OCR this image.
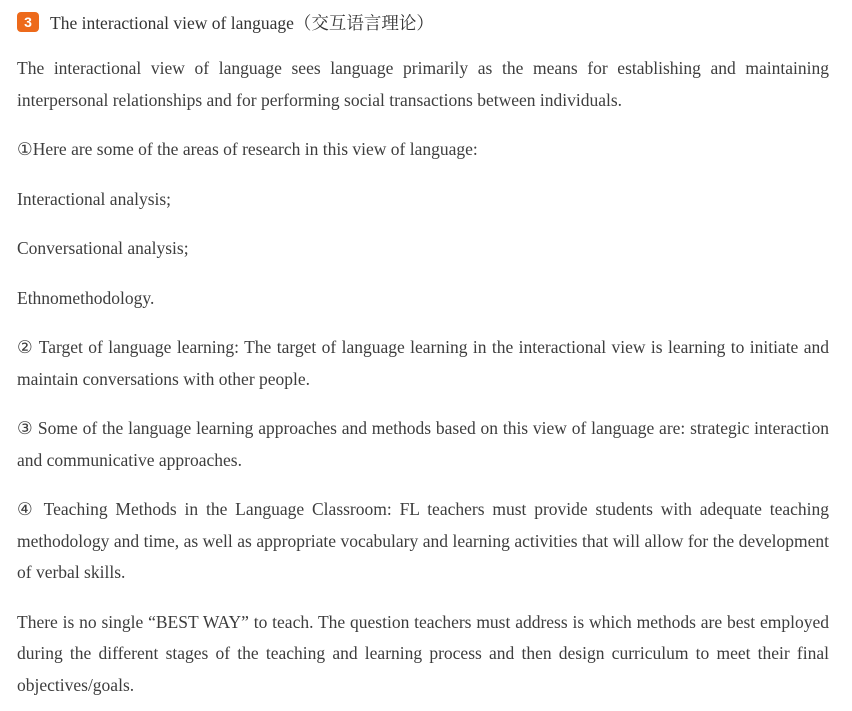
3	The interactional view of language（交互语言理论）

The interactional view of language sees language primarily as the means for establishing and maintaining interpersonal relationships and for performing social transactions between individuals.

①Here are some of the areas of research in this view of language:

Interactional analysis;

Conversational analysis;

Ethnomethodology.

② Target of language learning: The target of language learning in the interactional view is learning to initiate and maintain conversations with other people.

③ Some of the language learning approaches and methods based on this view of language are: strategic interaction and communicative approaches.

④ Teaching Methods in the Language Classroom: FL teachers must provide students with adequate teaching methodology and time, as well as appropriate vocabulary and learning activities that will allow for the development of verbal skills.

There is no single “BEST WAY” to teach. The question teachers must address is which methods are best employed during the different stages of the teaching and learning process and then design curriculum to meet their final objectives/goals.
